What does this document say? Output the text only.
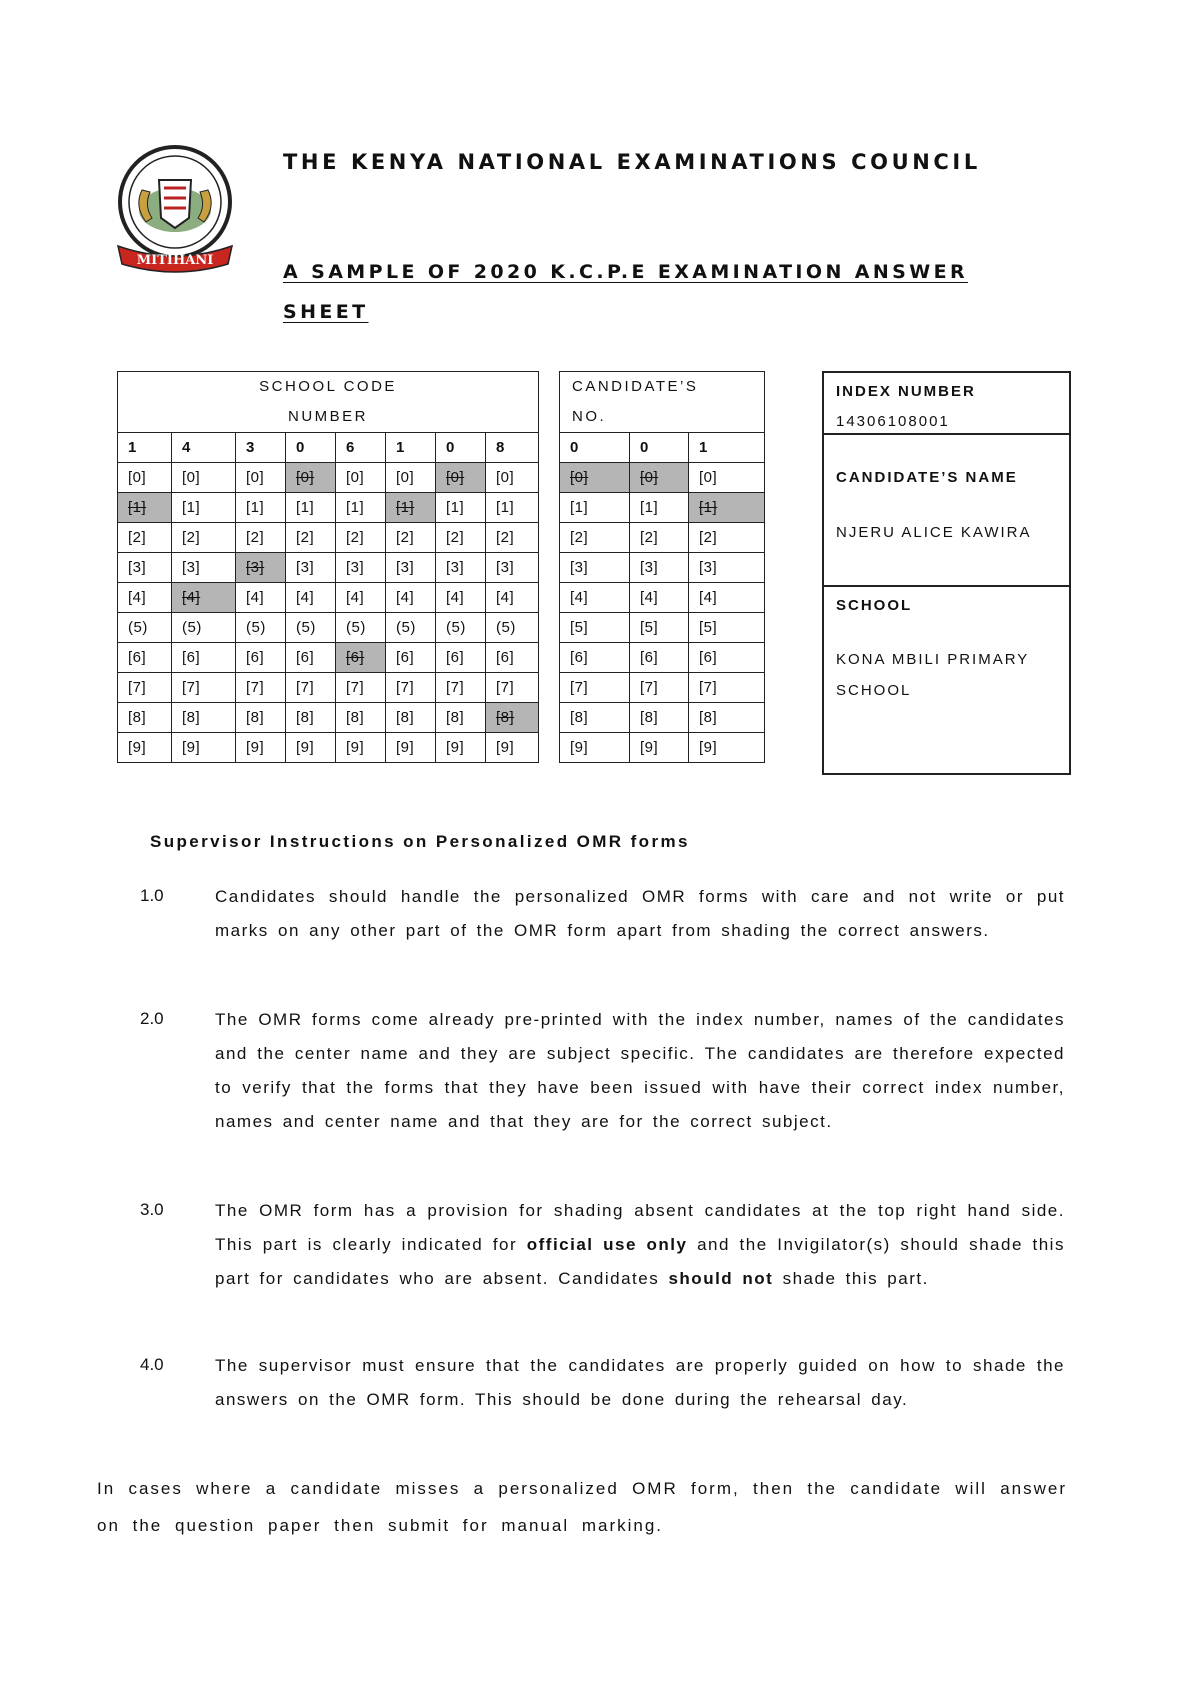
MITIHANI
THE KENYA NATIONAL EXAMINATIONS COUNCIL
A SAMPLE OF 2020 K.C.P.E EXAMINATION ANSWER SHEET
SCHOOL CODE
NUMBER							

1	4	3	0	6	1	0	8
[0]	[0]	[0]	[0]	[0]	[0]	[0]	[0]
[1]	[1]	[1]	[1]	[1]	[1]	[1]	[1]
[2]	[2]	[2]	[2]	[2]	[2]	[2]	[2]
[3]	[3]	[3]	[3]	[3]	[3]	[3]	[3]
[4]	[4]	[4]	[4]	[4]	[4]	[4]	[4]
(5)	(5)	(5)	(5)	(5)	(5)	(5)	(5)
[6]	[6]	[6]	[6]	[6]	[6]	[6]	[6]
[7]	[7]	[7]	[7]	[7]	[7]	[7]	[7]
[8]	[8]	[8]	[8]	[8]	[8]	[8]	[8]
[9]	[9]	[9]	[9]	[9]	[9]	[9]	[9]
CANDIDATE’S
NO.		

0	0	1
[0]	[0]	[0]
[1]	[1]	[1]
[2]	[2]	[2]
[3]	[3]	[3]
[4]	[4]	[4]
[5]	[5]	[5]
[6]	[6]	[6]
[7]	[7]	[7]
[8]	[8]	[8]
[9]	[9]	[9]
INDEX NUMBER
14306108001
CANDIDATE’S NAME
NJERU ALICE KAWIRA
SCHOOL
KONA MBILI PRIMARY SCHOOL
Supervisor Instructions on Personalized OMR forms
1.0	Candidates should handle the personalized OMR forms with care and not write or put marks on any other part of the OMR form apart from shading the correct answers.
2.0	The OMR forms come already pre-printed with the index number, names of the candidates and the center name and they are subject specific. The candidates are therefore expected to verify that the forms that they have been issued with have their correct index number, names and center name and that they are for the correct subject.
3.0	The OMR form has a provision for shading absent candidates at the top right hand side. This part is clearly indicated for official use only and the Invigilator(s) should shade this part for candidates who are absent. Candidates should not shade this part.
4.0	The supervisor must ensure that the candidates are properly guided on how to shade the answers on the OMR form. This should be done during the rehearsal day.
In cases where a candidate misses a personalized OMR form, then the candidate will answer on the question paper then submit for manual marking.
